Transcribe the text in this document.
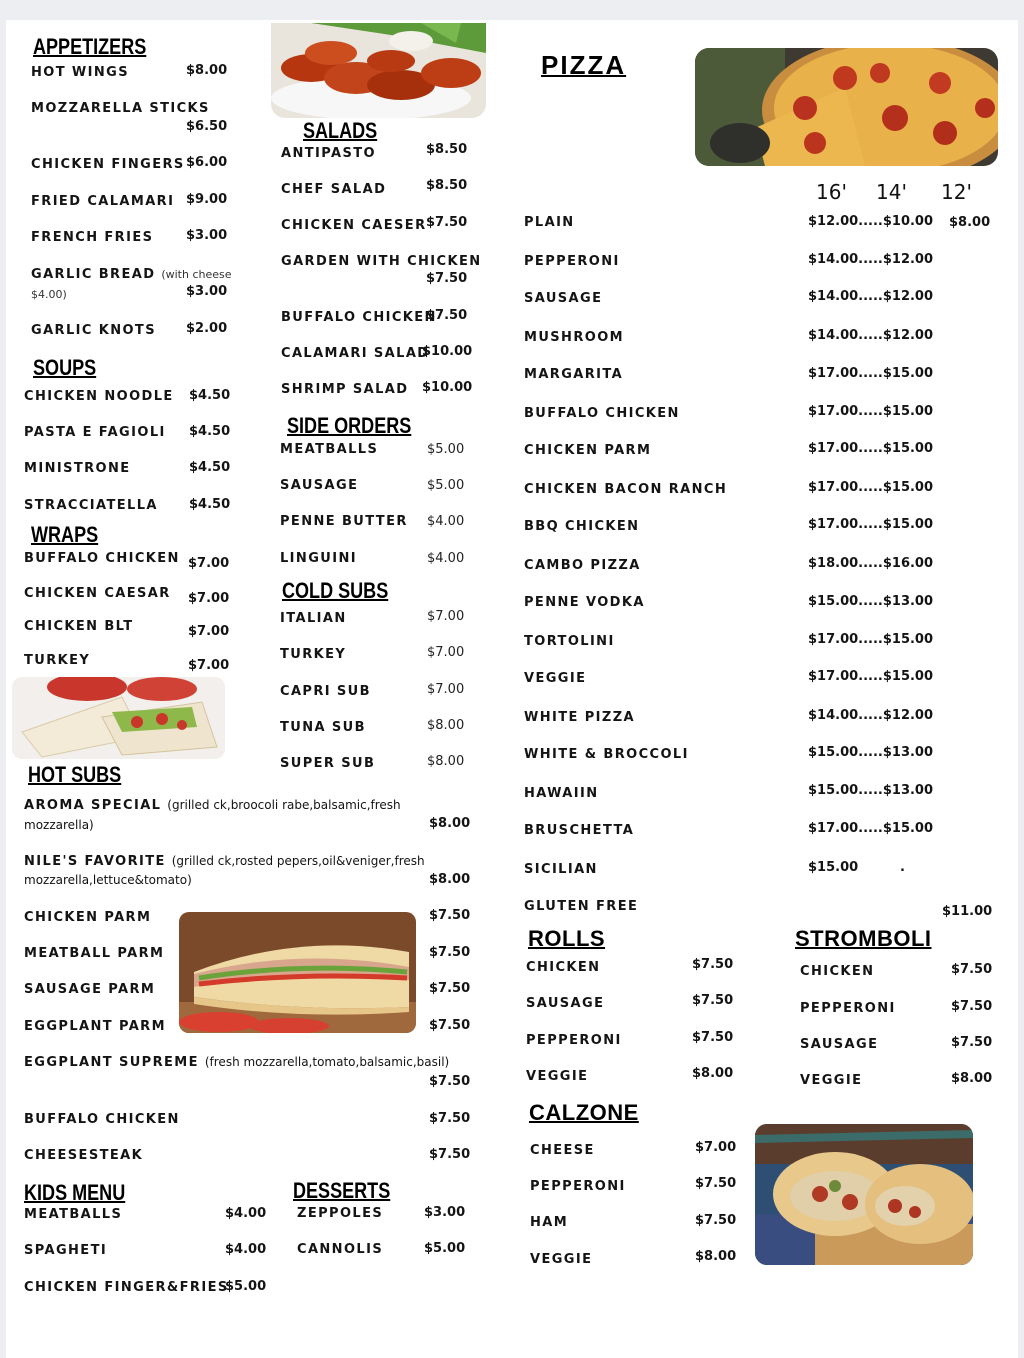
APPETIZERS
HOT WINGS	$8.00
MOZZARELLA STICKS
$6.50
CHICKEN FINGERS $6.00
FRIED CALAMARI $9.00
FRENCH FRIES	$3.00
GARLIC BREAD (with cheese
$4.00)	$3.00
GARLIC KNOTS $2.00
SOUPS
CHICKEN NOODLE $4.50
PASTA E FAGIOLI $4.50
MINISTRONE	$4.50
STRACCIATELLA $4.50
WRAPS
BUFFALO CHICKEN $7.00
CHICKEN CAESAR $7.00
CHICKEN BLT	$7.00
TURKEY	$7.00
SALADS
ANTIPASTO	$8.50
CHEF SALAD	$8.50
CHICKEN CAESER $7.50
GARDEN WITH CHICKEN
$7.50
BUFFALO CHICKEN
$7.50
CALAMARI SALAD
$10.00
SHRIMP SALAD $10.00
SIDE ORDERS
MEATBALLS	$5.00
SAUSAGE	$5.00
PENNE BUTTER $4.00
LINGUINI	$4.00
COLD SUBS
ITALIAN	$7.00
TURKEY	$7.00
CAPRI SUB	$7.00
TUNA SUB	$8.00
SUPER SUB	$8.00
HOT SUBS
AROMA SPECIAL (grilled ck,broocoli rabe,balsamic,fresh
mozzarella)	$8.00
NILE'S FAVORITE (grilled ck,rosted pepers,oil&veniger,fresh
mozzarella,lettuce&tomato)	$8.00
CHICKEN PARM	$7.50
MEATBALL PARM	$7.50
SAUSAGE PARM	$7.50
EGGPLANT PARM	$7.50
EGGPLANT SUPREME (fresh mozzarella,tomato,balsamic,basil)
$7.50
BUFFALO CHICKEN	$7.50
CHEESESTEAK	$7.50
KIDS MENU
MEATBALLS	$4.00
SPAGHETI	$4.00
CHICKEN FINGER&FRIES
$5.00
DESSERTS
ZEPPOLES	$3.00
CANNOLIS	$5.00
PIZZA
16' 14' 12'
PLAIN	$12.00.....$10.00 $8.00
PEPPERONI	$14.00.....$12.00
SAUSAGE	$14.00.....$12.00
MUSHROOM	$14.00.....$12.00
MARGARITA	$17.00.....$15.00
BUFFALO CHICKEN	$17.00.....$15.00
CHICKEN PARM	$17.00.....$15.00
CHICKEN BACON RANCH	$17.00.....$15.00
BBQ CHICKEN	$17.00.....$15.00
CAMBO PIZZA	$18.00.....$16.00
PENNE VODKA	$15.00.....$13.00
TORTOLINI	$17.00.....$15.00
VEGGIE	$17.00.....$15.00
WHITE PIZZA	$14.00.....$12.00
WHITE & BROCCOLI	$15.00.....$13.00
HAWAIIN	$15.00.....$13.00
BRUSCHETTA	$17.00.....$15.00
SICILIAN	$15.00	.
GLUTEN FREE	$11.00
ROLLS
CHICKEN	$7.50
SAUSAGE	$7.50
PEPPERONI	$7.50
VEGGIE	$8.00
STROMBOLI
CHICKEN	$7.50
PEPPERONI	$7.50
SAUSAGE	$7.50
VEGGIE	$8.00
CALZONE
CHEESE	$7.00
PEPPERONI	$7.50
HAM	$7.50
VEGGIE	$8.00
